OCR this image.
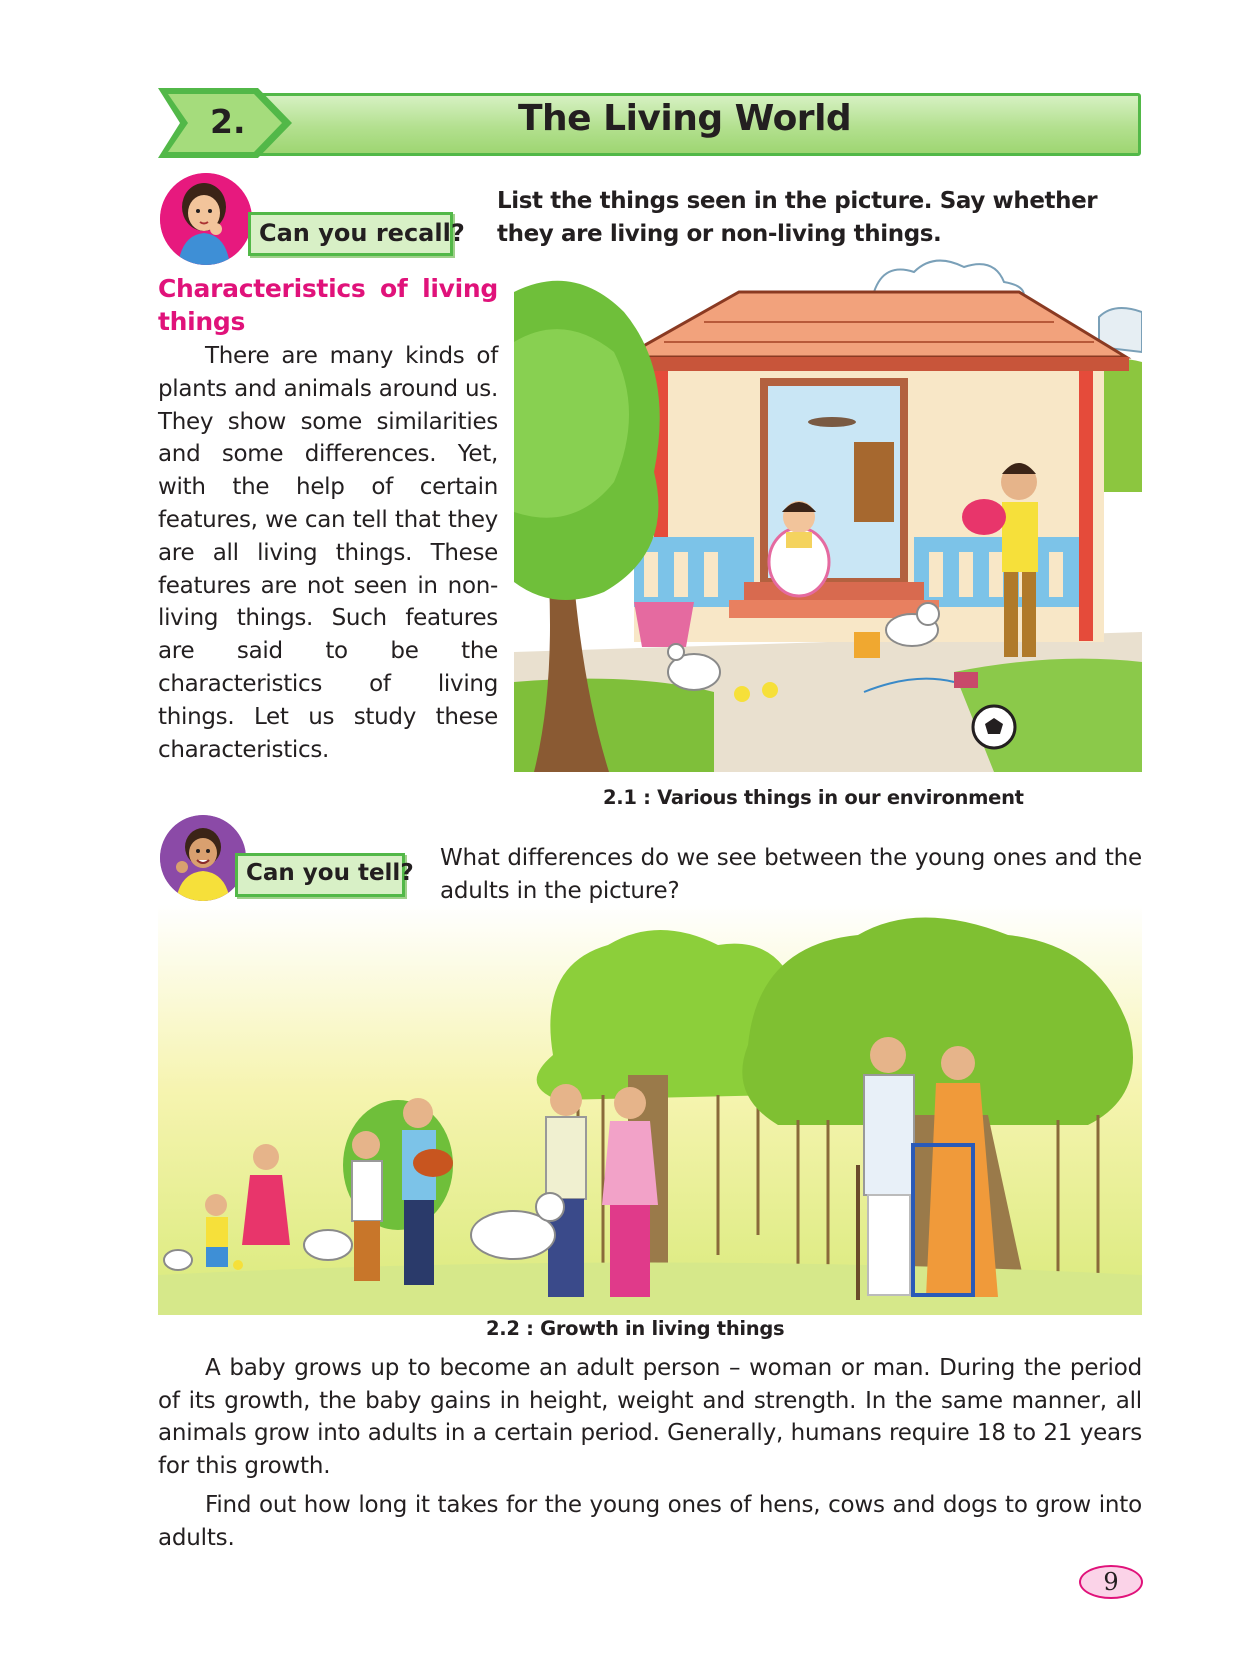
2.	The Living World
Can you recall?
List the things seen in the picture. Say whether they are living or non-living things.
Characteristics of living things

There are many kinds of plants and animals around us. They show some similarities and some differences. Yet, with the help of certain features, we can tell that they are all living things. These features are not seen in non-living things. Such features are said to be the characteristics of living things. Let us study these characteristics.

2.1 : Various things in our environment
Can you tell?
What differences do we see between the young ones and the adults in the picture?
2.2 : Growth in living things

A baby grows up to become an adult person – woman or man. During the period of its growth, the baby gains in height, weight and strength. In the same manner, all animals grow into adults in a certain period. Generally, humans require 18 to 21 years for this growth.

Find out how long it takes for the young ones of hens, cows and dogs to grow into adults.

9
